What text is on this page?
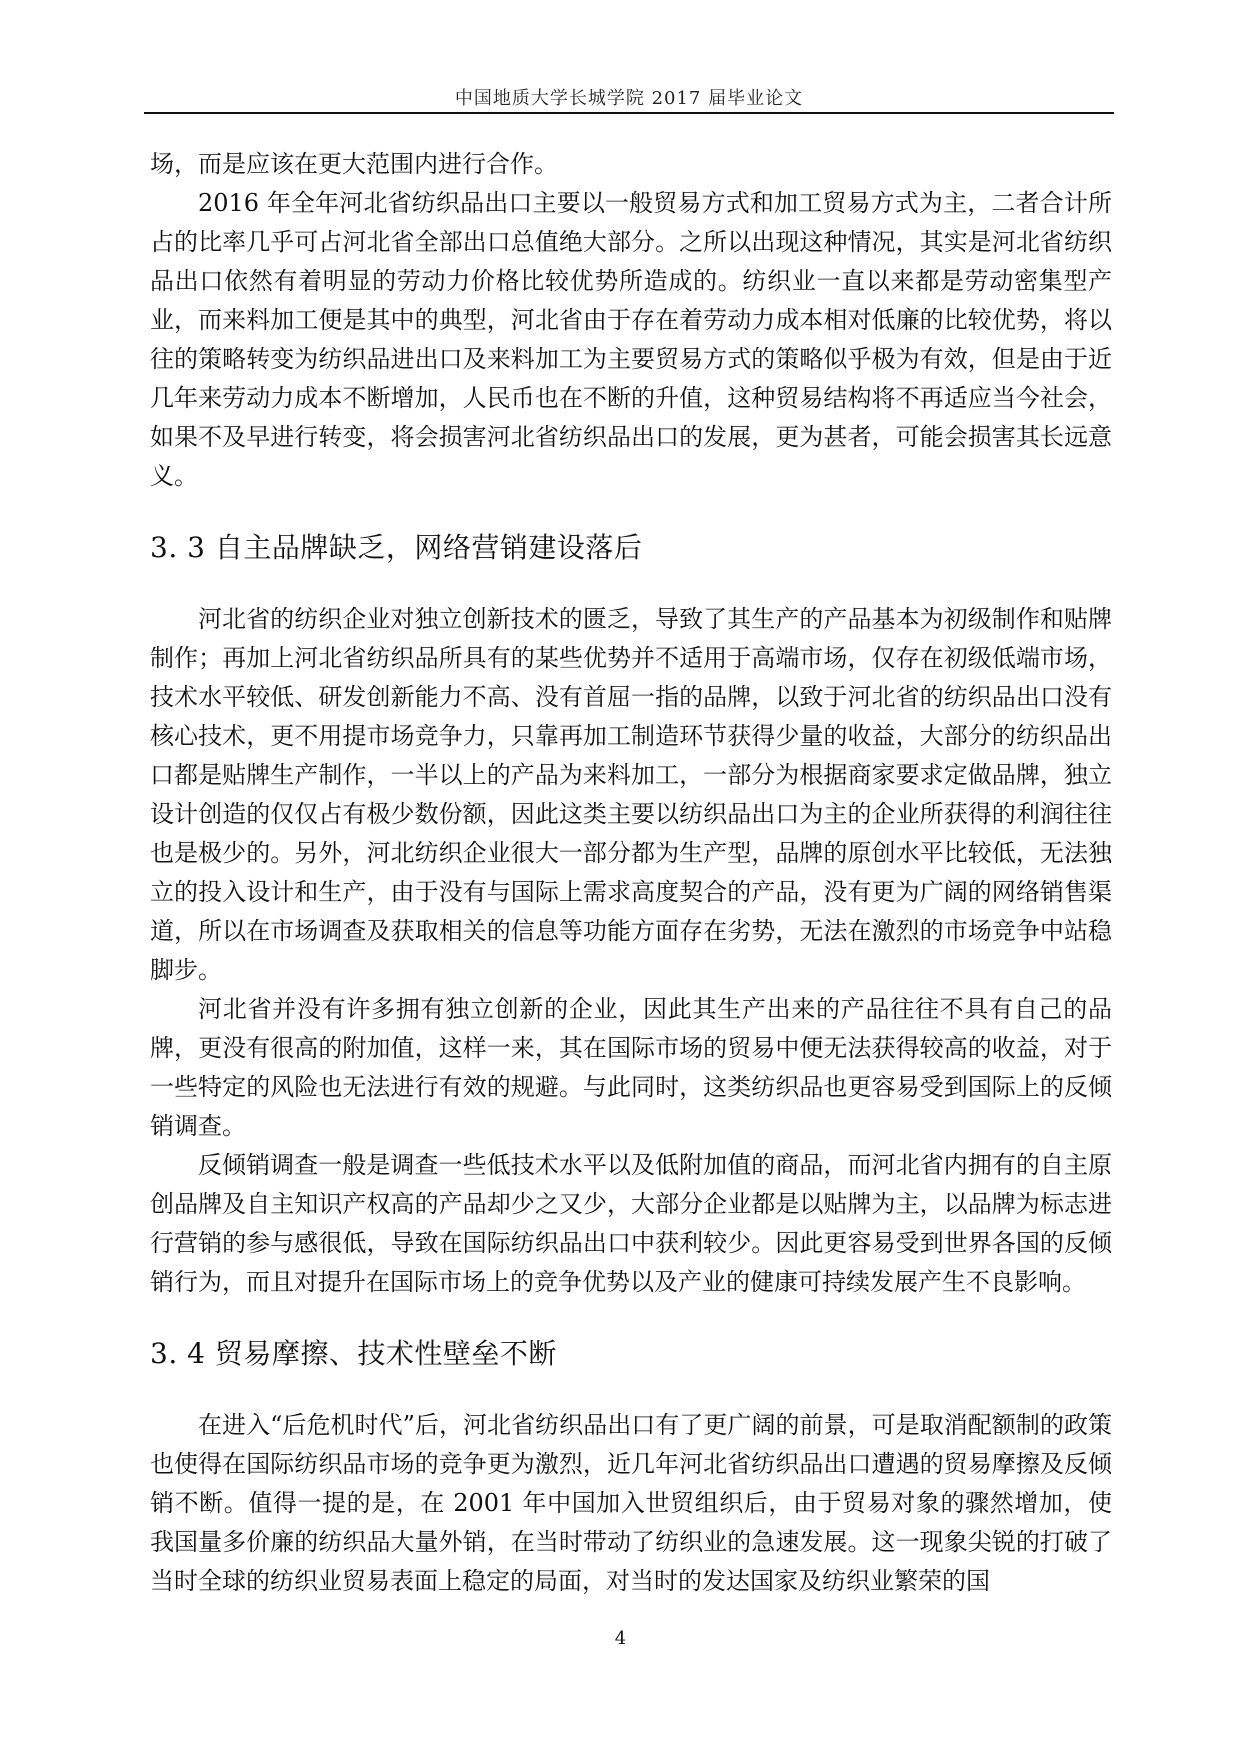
中国地质大学长城学院 2017 届毕业论文

场，而是应该在更大范围内进行合作。

2016 年全年河北省纺织品出口主要以一般贸易方式和加工贸易方式为主，二者合计所占的比率几乎可占河北省全部出口总值绝大部分。之所以出现这种情况，其实是河北省纺织品出口依然有着明显的劳动力价格比较优势所造成的。纺织业一直以来都是劳动密集型产业，而来料加工便是其中的典型，河北省由于存在着劳动力成本相对低廉的比较优势，将以往的策略转变为纺织品进出口及来料加工为主要贸易方式的策略似乎极为有效，但是由于近几年来劳动力成本不断增加，人民币也在不断的升值，这种贸易结构将不再适应当今社会，如果不及早进行转变，将会损害河北省纺织品出口的发展，更为甚者，可能会损害其长远意义。

3. 3 自主品牌缺乏，网络营销建设落后

河北省的纺织企业对独立创新技术的匮乏，导致了其生产的产品基本为初级制作和贴牌制作；再加上河北省纺织品所具有的某些优势并不适用于高端市场，仅存在初级低端市场，技术水平较低、研发创新能力不高、没有首屈一指的品牌，以致于河北省的纺织品出口没有核心技术，更不用提市场竞争力，只靠再加工制造环节获得少量的收益，大部分的纺织品出口都是贴牌生产制作，一半以上的产品为来料加工，一部分为根据商家要求定做品牌，独立设计创造的仅仅占有极少数份额，因此这类主要以纺织品出口为主的企业所获得的利润往往也是极少的。另外，河北纺织企业很大一部分都为生产型，品牌的原创水平比较低，无法独立的投入设计和生产，由于没有与国际上需求高度契合的产品，没有更为广阔的网络销售渠道，所以在市场调查及获取相关的信息等功能方面存在劣势，无法在激烈的市场竞争中站稳脚步。

河北省并没有许多拥有独立创新的企业，因此其生产出来的产品往往不具有自己的品牌，更没有很高的附加值，这样一来，其在国际市场的贸易中便无法获得较高的收益，对于一些特定的风险也无法进行有效的规避。与此同时，这类纺织品也更容易受到国际上的反倾销调查。

反倾销调查一般是调查一些低技术水平以及低附加值的商品，而河北省内拥有的自主原创品牌及自主知识产权高的产品却少之又少，大部分企业都是以贴牌为主，以品牌为标志进行营销的参与感很低，导致在国际纺织品出口中获利较少。因此更容易受到世界各国的反倾销行为，而且对提升在国际市场上的竞争优势以及产业的健康可持续发展产生不良影响。

3. 4 贸易摩擦、技术性壁垒不断

在进入“后危机时代”后，河北省纺织品出口有了更广阔的前景，可是取消配额制的政策也使得在国际纺织品市场的竞争更为激烈，近几年河北省纺织品出口遭遇的贸易摩擦及反倾销不断。值得一提的是，在 2001 年中国加入世贸组织后，由于贸易对象的骤然增加，使我国量多价廉的纺织品大量外销，在当时带动了纺织业的急速发展。这一现象尖锐的打破了当时全球的纺织业贸易表面上稳定的局面，对当时的发达国家及纺织业繁荣的国

4
